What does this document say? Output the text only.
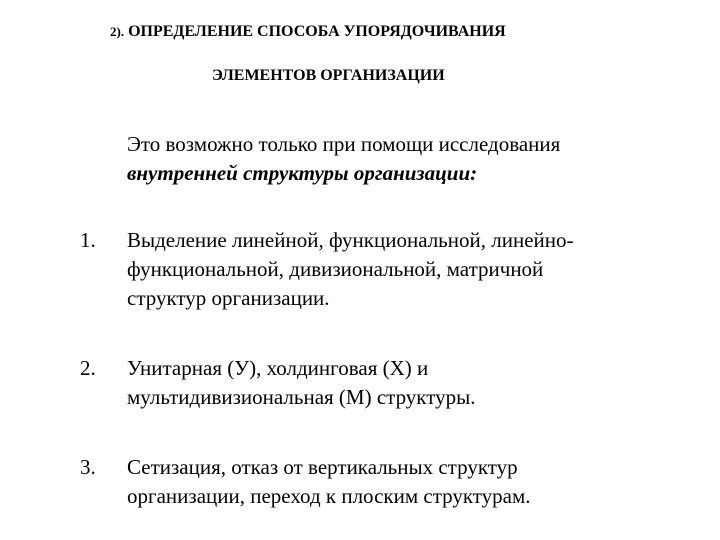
2). ОПРЕДЕЛЕНИЕ СПОСОБА УПОРЯДОЧИВАНИЯ
ЭЛЕМЕНТОВ ОРГАНИЗАЦИИ
Это возможно только при помощи исследования
внутренней структуры организации:
1. Выделение линейной, функциональной, линейно-
функциональной, дивизиональной, матричной
структур организации.
2. Унитарная (У), холдинговая (Х) и
мультидивизиональная (М) структуры.
3. Сетизация, отказ от вертикальных структур
организации, переход к плоским структурам.
